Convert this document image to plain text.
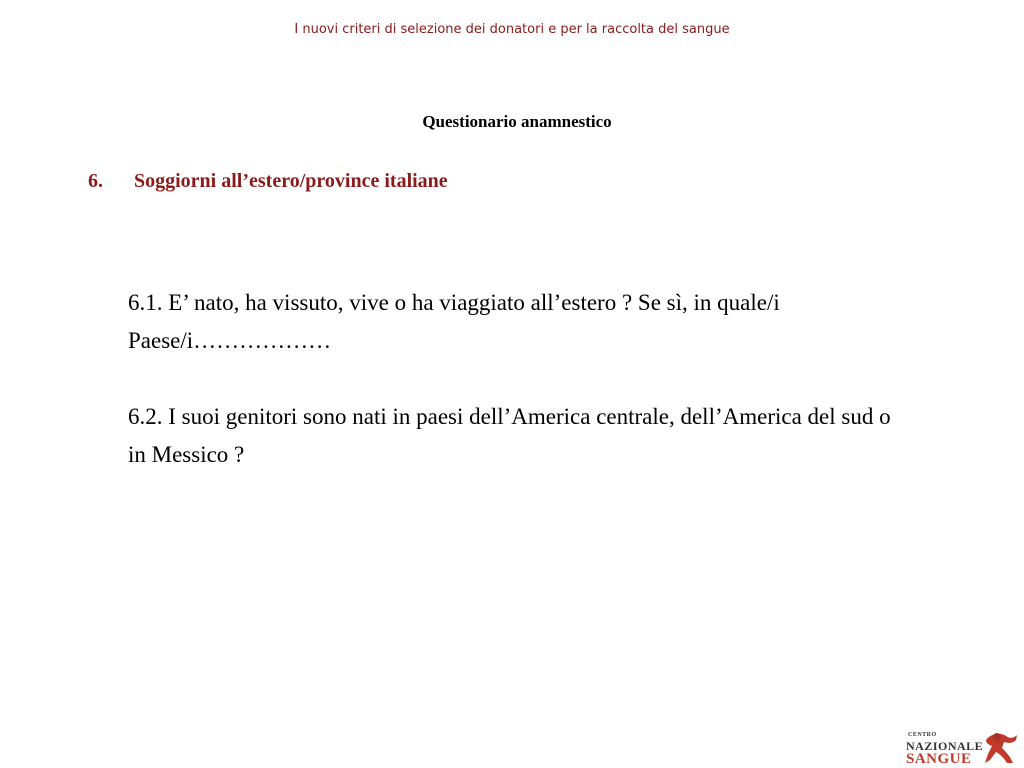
I nuovi criteri di selezione dei donatori e per la raccolta del sangue
Questionario anamnestico
6. Soggiorni all’estero/province italiane
6.1. E’ nato, ha vissuto, vive o ha viaggiato all’estero ? Se sì, in quale/i Paese/i………………
6.2. I suoi genitori sono nati in paesi dell’America centrale, dell’America del sud o in Messico ?
CENTRO
NAZIONALE
SANGUE
